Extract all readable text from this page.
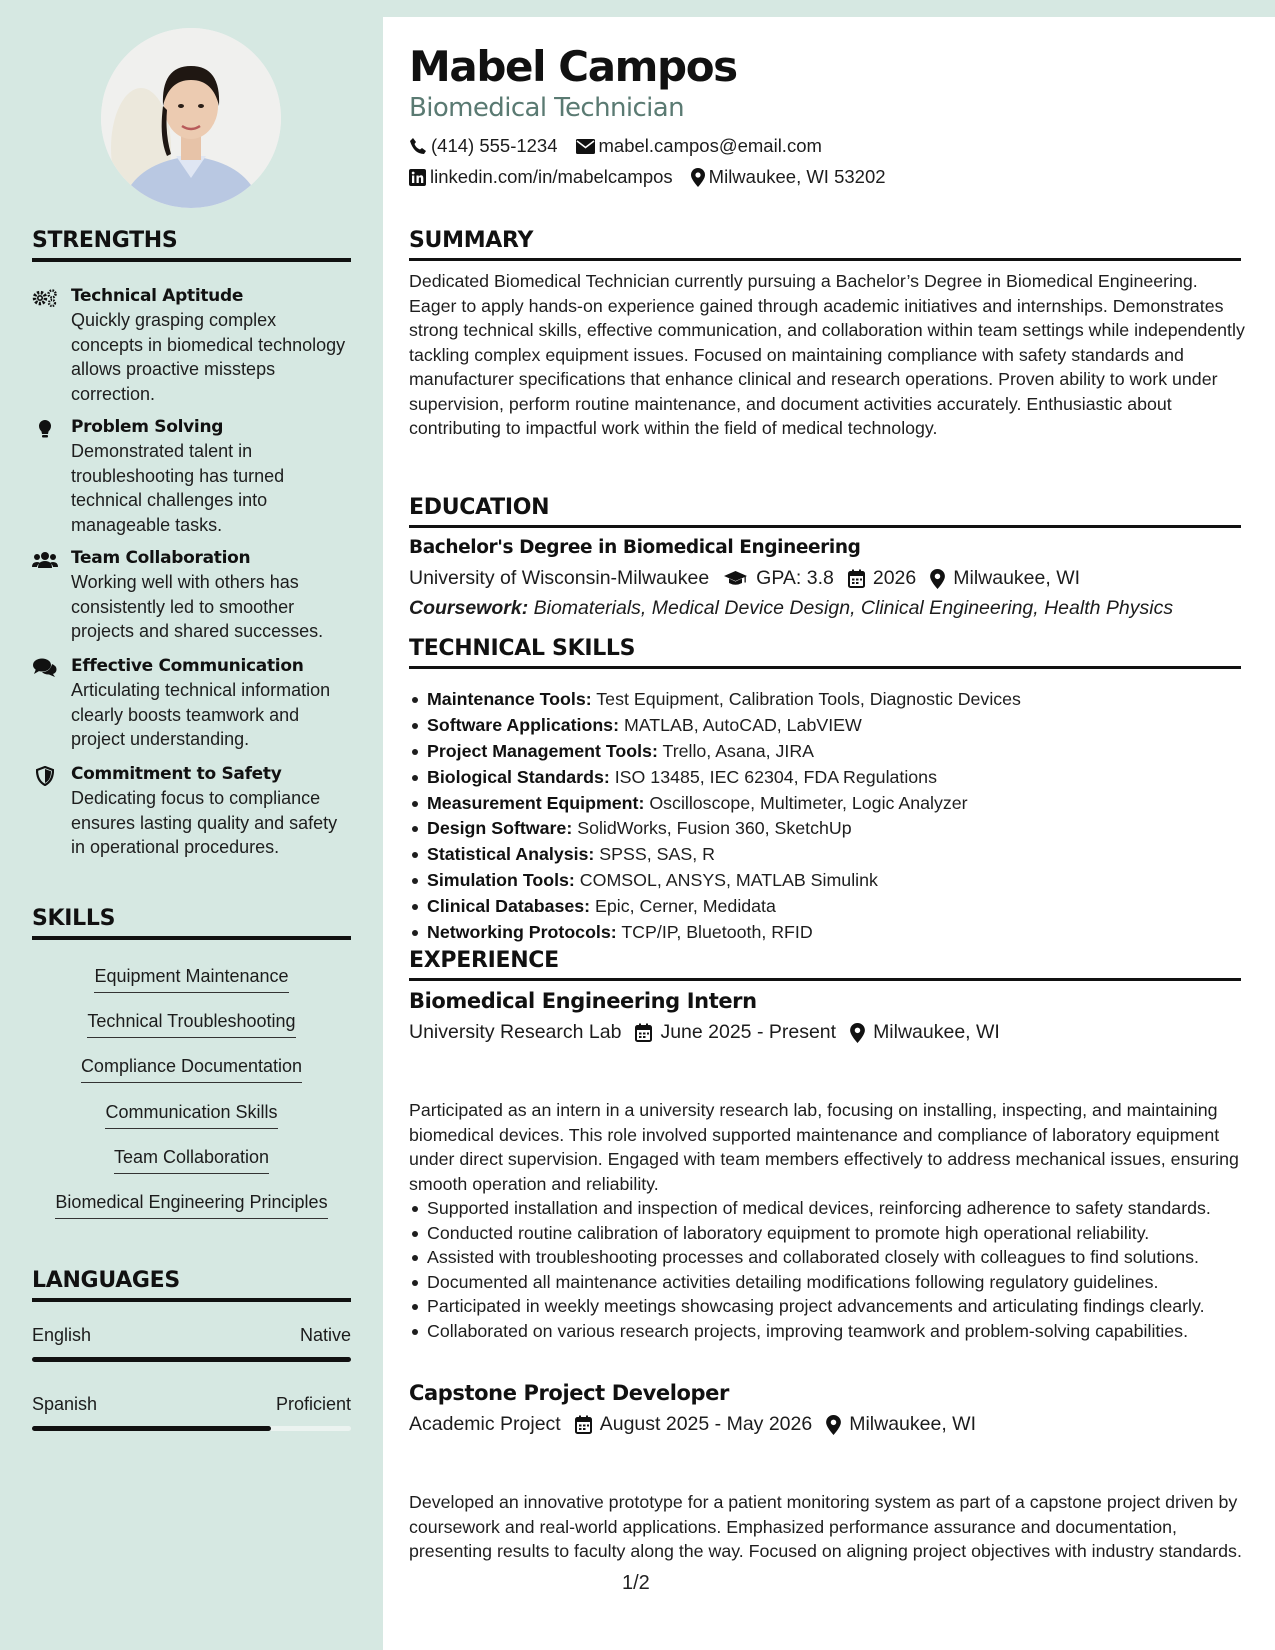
STRENGTHS
Technical Aptitude
Quickly grasping complex concepts in biomedical technology allows proactive missteps correction.
Problem Solving
Demonstrated talent in troubleshooting has turned technical challenges into manageable tasks.
Team Collaboration
Working well with others has consistently led to smoother projects and shared successes.
Effective Communication
Articulating technical information clearly boosts teamwork and project understanding.
Commitment to Safety
Dedicating focus to compliance ensures lasting quality and safety in operational procedures.
SKILLS
Equipment Maintenance
Technical Troubleshooting
Compliance Documentation
Communication Skills
Team Collaboration
Biomedical Engineering Principles
LANGUAGES
English	Native
Spanish	Proficient
Mabel Campos
Biomedical Technician
(414) 555-1234 mabel.campos@email.com
linkedin.com/in/mabelcampos Milwaukee, WI 53202
SUMMARY
Dedicated Biomedical Technician currently pursuing a Bachelor’s Degree in Biomedical Engineering. Eager to apply hands-on experience gained through academic initiatives and internships. Demonstrates strong technical skills, effective communication, and collaboration within team settings while independently tackling complex equipment issues. Focused on maintaining compliance with safety standards and manufacturer specifications that enhance clinical and research operations. Proven ability to work under supervision, perform routine maintenance, and document activities accurately. Enthusiastic about contributing to impactful work within the field of medical technology.
EDUCATION
Bachelor's Degree in Biomedical Engineering
University of Wisconsin-Milwaukee GPA: 3.8 2026 Milwaukee, WI
Coursework: Biomaterials, Medical Device Design, Clinical Engineering, Health Physics
TECHNICAL SKILLS
Maintenance Tools: Test Equipment, Calibration Tools, Diagnostic Devices
Software Applications: MATLAB, AutoCAD, LabVIEW
Project Management Tools: Trello, Asana, JIRA
Biological Standards: ISO 13485, IEC 62304, FDA Regulations
Measurement Equipment: Oscilloscope, Multimeter, Logic Analyzer
Design Software: SolidWorks, Fusion 360, SketchUp
Statistical Analysis: SPSS, SAS, R
Simulation Tools: COMSOL, ANSYS, MATLAB Simulink
Clinical Databases: Epic, Cerner, Medidata
Networking Protocols: TCP/IP, Bluetooth, RFID
EXPERIENCE
Biomedical Engineering Intern
University Research Lab June 2025 - Present Milwaukee, WI
Participated as an intern in a university research lab, focusing on installing, inspecting, and maintaining biomedical devices. This role involved supported maintenance and compliance of laboratory equipment under direct supervision. Engaged with team members effectively to address mechanical issues, ensuring smooth operation and reliability.
Supported installation and inspection of medical devices, reinforcing adherence to safety standards.
Conducted routine calibration of laboratory equipment to promote high operational reliability.
Assisted with troubleshooting processes and collaborated closely with colleagues to find solutions.
Documented all maintenance activities detailing modifications following regulatory guidelines.
Participated in weekly meetings showcasing project advancements and articulating findings clearly.
Collaborated on various research projects, improving teamwork and problem-solving capabilities.
Capstone Project Developer
Academic Project August 2025 - May 2026 Milwaukee, WI
Developed an innovative prototype for a patient monitoring system as part of a capstone project driven by coursework and real-world applications. Emphasized performance assurance and documentation, presenting results to faculty along the way. Focused on aligning project objectives with industry standards.
1/2
